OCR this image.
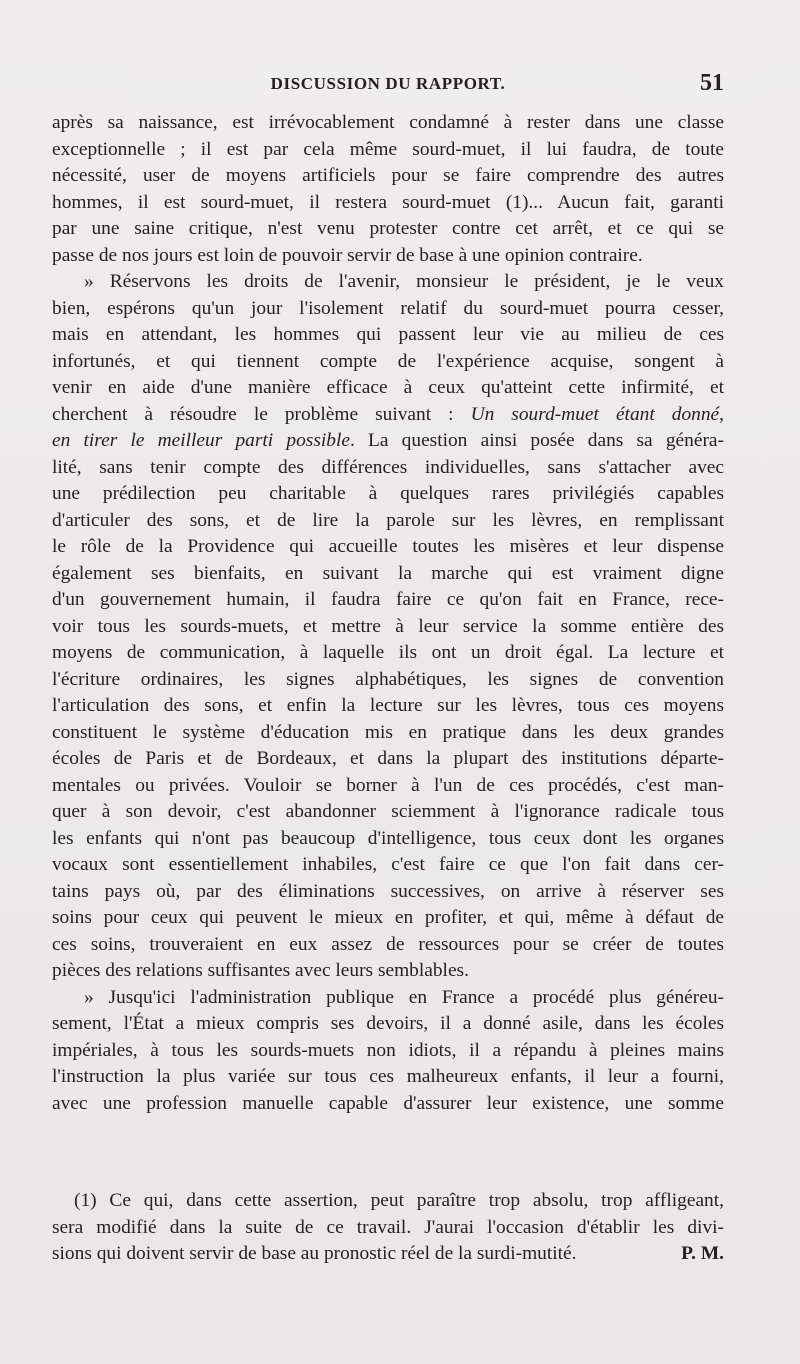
DISCUSSION DU RAPPORT.	51
après sa naissance, est irrévocablement condamné à rester dans une classe
exceptionnelle ; il est par cela même sourd-muet, il lui faudra, de toute
nécessité, user de moyens artificiels pour se faire comprendre des autres
hommes, il est sourd-muet, il restera sourd-muet (1)... Aucun fait, garanti
par une saine critique, n'est venu protester contre cet arrêt, et ce qui se
passe de nos jours est loin de pouvoir servir de base à une opinion contraire.
» Réservons les droits de l'avenir, monsieur le président, je le veux
bien, espérons qu'un jour l'isolement relatif du sourd-muet pourra cesser,
mais en attendant, les hommes qui passent leur vie au milieu de ces
infortunés, et qui tiennent compte de l'expérience acquise, songent à
venir en aide d'une manière efficace à ceux qu'atteint cette infirmité, et
cherchent à résoudre le problème suivant : Un sourd-muet étant donné,
en tirer le meilleur parti possible. La question ainsi posée dans sa généra-
lité, sans tenir compte des différences individuelles, sans s'attacher avec
une prédilection peu charitable à quelques rares privilégiés capables
d'articuler des sons, et de lire la parole sur les lèvres, en remplissant
le rôle de la Providence qui accueille toutes les misères et leur dispense
également ses bienfaits, en suivant la marche qui est vraiment digne
d'un gouvernement humain, il faudra faire ce qu'on fait en France, rece-
voir tous les sourds-muets, et mettre à leur service la somme entière des
moyens de communication, à laquelle ils ont un droit égal. La lecture et
l'écriture ordinaires, les signes alphabétiques, les signes de convention
l'articulation des sons, et enfin la lecture sur les lèvres, tous ces moyens
constituent le système d'éducation mis en pratique dans les deux grandes
écoles de Paris et de Bordeaux, et dans la plupart des institutions départe-
mentales ou privées. Vouloir se borner à l'un de ces procédés, c'est man-
quer à son devoir, c'est abandonner sciemment à l'ignorance radicale tous
les enfants qui n'ont pas beaucoup d'intelligence, tous ceux dont les organes
vocaux sont essentiellement inhabiles, c'est faire ce que l'on fait dans cer-
tains pays où, par des éliminations successives, on arrive à réserver ses
soins pour ceux qui peuvent le mieux en profiter, et qui, même à défaut de
ces soins, trouveraient en eux assez de ressources pour se créer de toutes
pièces des relations suffisantes avec leurs semblables.
» Jusqu'ici l'administration publique en France a procédé plus généreu-
sement, l'État a mieux compris ses devoirs, il a donné asile, dans les écoles
impériales, à tous les sourds-muets non idiots, il a répandu à pleines mains
l'instruction la plus variée sur tous ces malheureux enfants, il leur a fourni,
avec une profession manuelle capable d'assurer leur existence, une somme
(1) Ce qui, dans cette assertion, peut paraître trop absolu, trop affligeant,
sera modifié dans la suite de ce travail. J'aurai l'occasion d'établir les divi-
sions qui doivent servir de base au pronostic réel de la surdi-mutité.	P. M.
